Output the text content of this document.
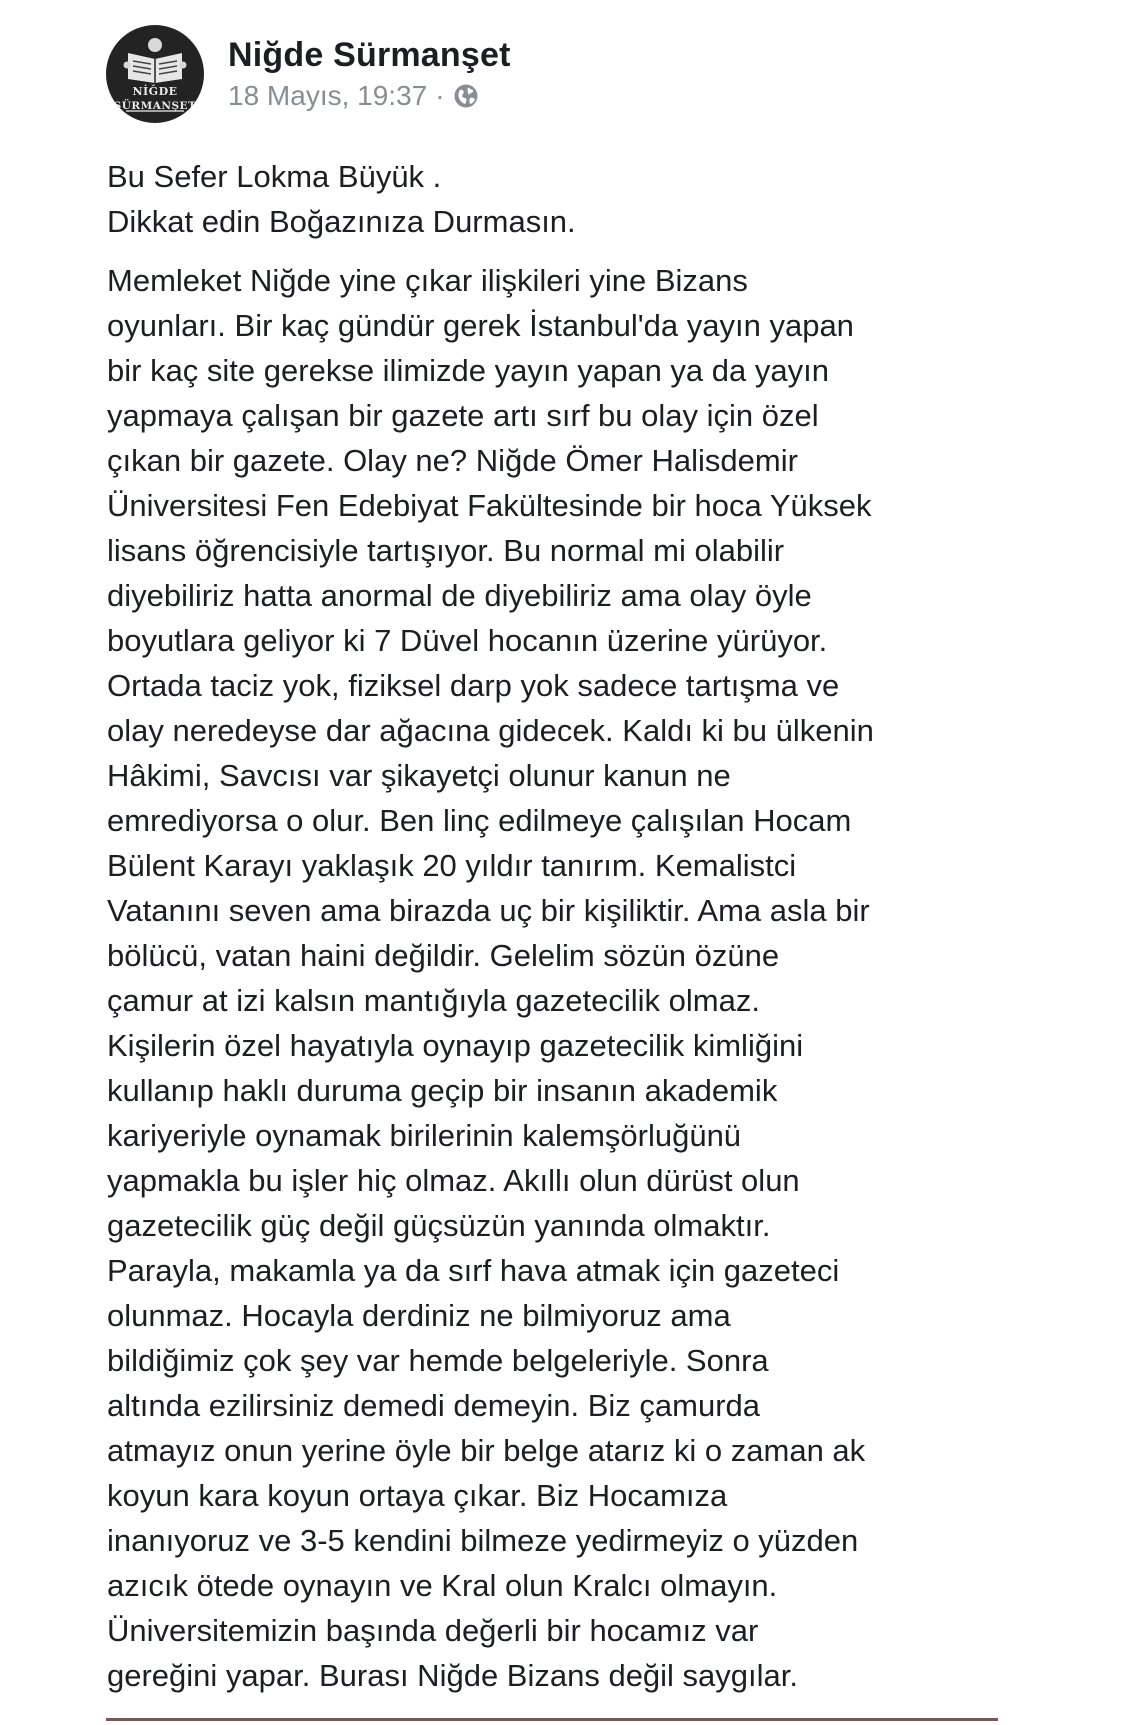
NİĞDE
SÜRMANŞET
Niğde Sürmanşet
18 Mayıs, 19:37 ·

Bu Sefer Lokma Büyük .
Dikkat edin Boğazınıza Durmasın.

Memleket Niğde yine çıkar ilişkileri yine Bizans
oyunları. Bir kaç gündür gerek İstanbul'da yayın yapan
bir kaç site gerekse ilimizde yayın yapan ya da yayın
yapmaya çalışan bir gazete artı sırf bu olay için özel
çıkan bir gazete. Olay ne? Niğde Ömer Halisdemir
Üniversitesi Fen Edebiyat Fakültesinde bir hoca Yüksek
lisans öğrencisiyle tartışıyor. Bu normal mi olabilir
diyebiliriz hatta anormal de diyebiliriz ama olay öyle
boyutlara geliyor ki 7 Düvel hocanın üzerine yürüyor.
Ortada taciz yok, fiziksel darp yok sadece tartışma ve
olay neredeyse dar ağacına gidecek. Kaldı ki bu ülkenin
Hâkimi, Savcısı var şikayetçi olunur kanun ne
emrediyorsa o olur. Ben linç edilmeye çalışılan Hocam
Bülent Karayı yaklaşık 20 yıldır tanırım. Kemalistci
Vatanını seven ama birazda uç bir kişiliktir. Ama asla bir
bölücü, vatan haini değildir. Gelelim sözün özüne
çamur at izi kalsın mantığıyla gazetecilik olmaz.
Kişilerin özel hayatıyla oynayıp gazetecilik kimliğini
kullanıp haklı duruma geçip bir insanın akademik
kariyeriyle oynamak birilerinin kalemşörluğünü
yapmakla bu işler hiç olmaz. Akıllı olun dürüst olun
gazetecilik güç değil güçsüzün yanında olmaktır.
Parayla, makamla ya da sırf hava atmak için gazeteci
olunmaz. Hocayla derdiniz ne bilmiyoruz ama
bildiğimiz çok şey var hemde belgeleriyle. Sonra
altında ezilirsiniz demedi demeyin. Biz çamurda
atmayız onun yerine öyle bir belge atarız ki o zaman ak
koyun kara koyun ortaya çıkar. Biz Hocamıza
inanıyoruz ve 3-5 kendini bilmeze yedirmeyiz o yüzden
azıcık ötede oynayın ve Kral olun Kralcı olmayın.
Üniversitemizin başında değerli bir hocamız var
gereğini yapar. Burası Niğde Bizans değil saygılar.
